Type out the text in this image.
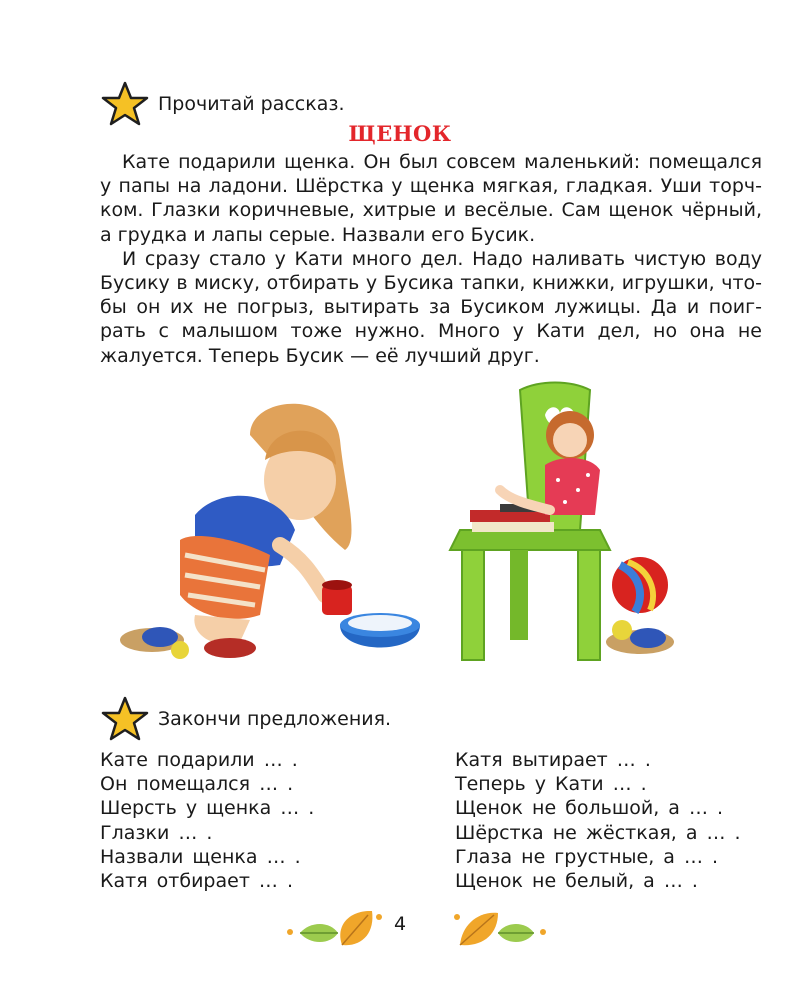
Прочитай рассказ.
ЩЕНОК

Кате подарили щенка. Он был совсем маленький: помещался
у папы на ладони. Шёрстка у щенка мягкая, гладкая. Уши торч-
ком. Глазки коричневые, хитрые и весёлые. Сам щенок чёрный,
а грудка и лапы серые. Назвали его Бусик.

И сразу стало у Кати много дел. Надо наливать чистую воду
Бусику в миску, отбирать у Бусика тапки, книжки, игрушки, что-
бы он их не погрыз, вытирать за Бусиком лужицы. Да и поиг-
рать с малышом тоже нужно. Много у Кати дел, но она не
жалуется. Теперь Бусик — её лучший друг.

Закончи предложения.
Кате подарили … .
Он помещался … .
Шерсть у щенка … .
Глазки … .
Назвали щенка … .
Катя отбирает … .
Катя вытирает … .
Теперь у Кати … .
Щенок не большой, а … .
Шёрстка не жёсткая, а … .
Глаза не грустные, а … .
Щенок не белый, а … .
4
